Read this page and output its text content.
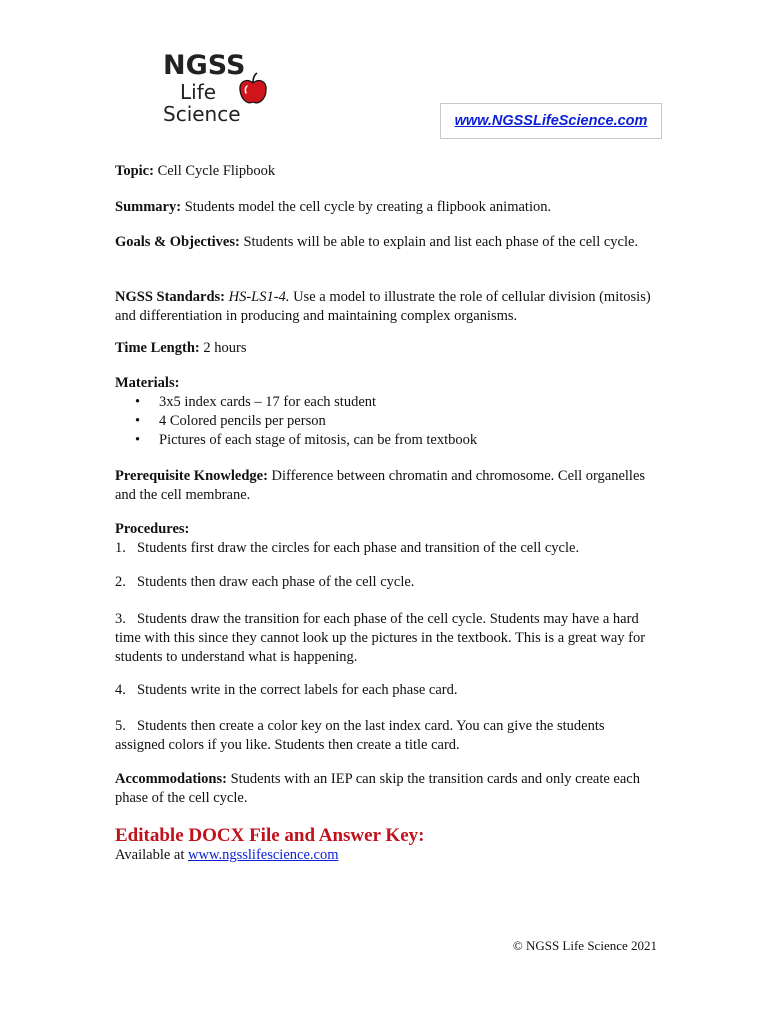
NGSS
Life
Science	www.NGSSLifeScience.com
Topic: Cell Cycle Flipbook
Summary: Students model the cell cycle by creating a flipbook animation.
Goals & Objectives: Students will be able to explain and list each phase of the cell cycle.
NGSS Standards: HS-LS1-4. Use a model to illustrate the role of cellular division (mitosis) and differentiation in producing and maintaining complex organisms.
Time Length: 2 hours
Materials:
• 3x5 index cards – 17 for each student
• 4 Colored pencils per person
• Pictures of each stage of mitosis, can be from textbook
Prerequisite Knowledge: Difference between chromatin and chromosome. Cell organelles and the cell membrane.
Procedures:
1. Students first draw the circles for each phase and transition of the cell cycle.
2. Students then draw each phase of the cell cycle.
3. Students draw the transition for each phase of the cell cycle. Students may have a hard time with this since they cannot look up the pictures in the textbook. This is a great way for students to understand what is happening.
4. Students write in the correct labels for each phase card.
5. Students then create a color key on the last index card. You can give the students assigned colors if you like. Students then create a title card.
Accommodations: Students with an IEP can skip the transition cards and only create each phase of the cell cycle.
Editable DOCX File and Answer Key:
Available at www.ngsslifescience.com
© NGSS Life Science 2021
